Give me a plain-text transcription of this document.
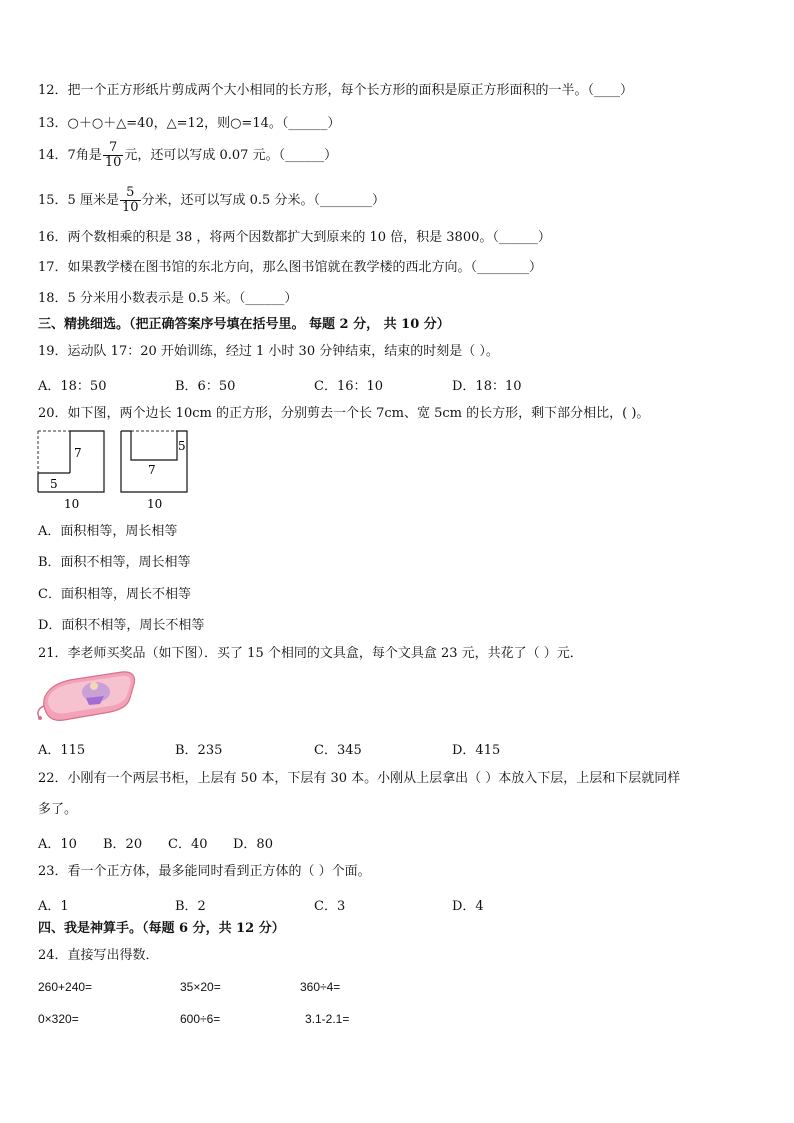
12．把一个正方形纸片剪成两个大小相同的长方形，每个长方形的面积是原正方形面积的一半。（____）
13．○＋○＋△=40，△=12，则○=14。（______）
14．7角是 $\frac{7}{10}$ 元，还可以写成 0.07 元。（______）
15．5 厘米是 $\frac{5}{10}$ 分米，还可以写成 0.5 分米。（________）
16．两个数相乘的积是 38 ，将两个因数都扩大到原来的 10 倍，积是 3800。（______）
17．如果教学楼在图书馆的东北方向，那么图书馆就在教学楼的西北方向。（________）
18．5 分米用小数表示是 0.5 米。（______）
三、精挑细选。（把正确答案序号填在括号里。 每题 2 分， 共 10 分）
19．运动队 17：20 开始训练，经过 1 小时 30 分钟结束，结束的时刻是（ ）。
A．18：50	B．6：50	C．16：10	D．18：10
20．如下图，两个边长 10cm 的正方形，分别剪去一个长 7cm、宽 5cm 的长方形，剩下部分相比，( )。
7
5
10
5
7
10
A．面积相等，周长相等
B．面积不相等，周长相等
C．面积相等，周长不相等
D．面积不相等，周长不相等
21．李老师买奖品（如下图）．买了 15 个相同的文具盒，每个文具盒 23 元，共花了（ ）元．
A．115	B．235	C．345	D．415
22．小刚有一个两层书柜，上层有 50 本，下层有 30 本。小刚从上层拿出（ ）本放入下层，上层和下层就同样
多了。
A．10 B．20 C．40 D．80
23．看一个正方体，最多能同时看到正方体的（ ）个面。
A．1	B．2	C．3	D．4
四、我是神算手。（每题 6 分，共 12 分）
24．直接写出得数．
260+240=	35×20=	360÷4=
0×320=	600÷6=	3.1-2.1=
